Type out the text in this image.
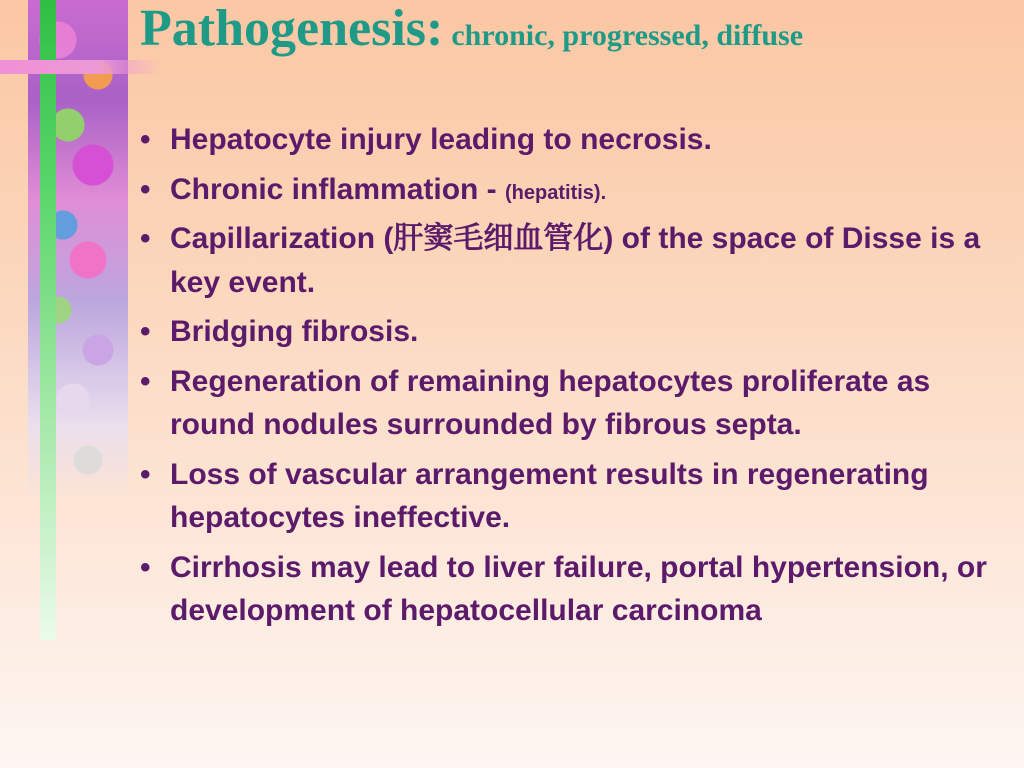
Pathogenesis: chronic, progressed, diffuse
• Hepatocyte injury leading to necrosis.
• Chronic inflammation - (hepatitis).
• Capillarization (肝窦毛细血管化) of the space of Disse is a key event.
• Bridging fibrosis.
• Regeneration of remaining hepatocytes proliferate as round nodules surrounded by fibrous septa.
• Loss of vascular arrangement results in regenerating hepatocytes ineffective.
• Cirrhosis may lead to liver failure, portal hypertension, or development of hepatocellular carcinoma
